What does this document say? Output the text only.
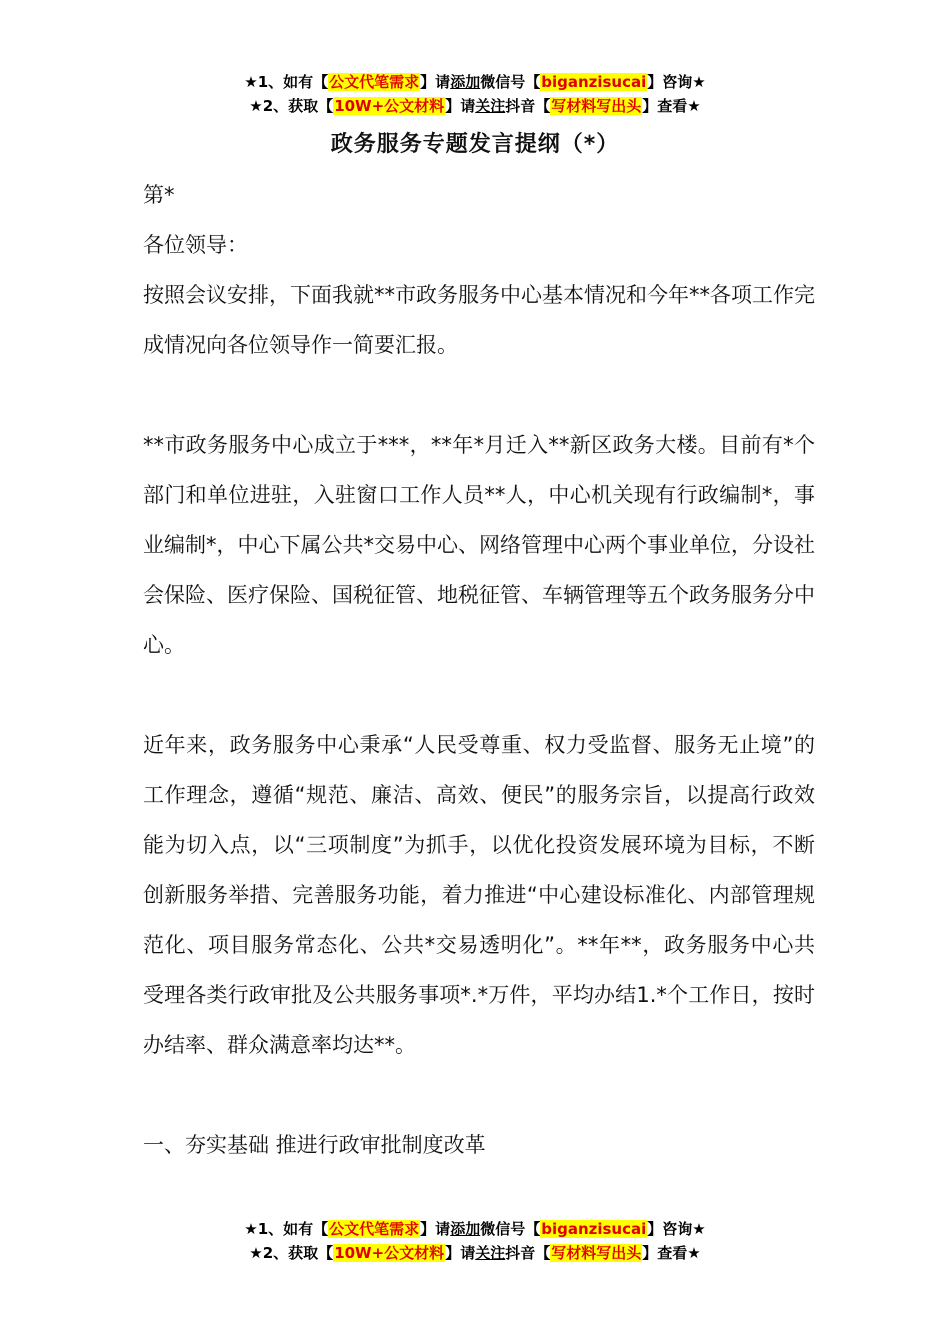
★1、如有【公文代笔需求】请添加微信号【biganzisucai】咨询★
★2、获取【10W+公文材料】请关注抖音【写材料写出头】查看★
政务服务专题发言提纲（*）

第*

各位领导：

按照会议安排，下面我就**市政务服务中心基本情况和今年**各项工作完成情况向各位领导作一简要汇报。

**市政务服务中心成立于***，**年*月迁入**新区政务大楼。目前有*个部门和单位进驻，入驻窗口工作人员**人，中心机关现有行政编制*，事业编制*，中心下属公共*交易中心、网络管理中心两个事业单位，分设社会保险、医疗保险、国税征管、地税征管、车辆管理等五个政务服务分中心。

近年来，政务服务中心秉承“人民受尊重、权力受监督、服务无止境”的工作理念，遵循“规范、廉洁、高效、便民”的服务宗旨，以提高行政效能为切入点，以“三项制度”为抓手，以优化投资发展环境为目标，不断创新服务举措、完善服务功能，着力推进“中心建设标准化、内部管理规范化、项目服务常态化、公共*交易透明化”。**年**，政务服务中心共受理各类行政审批及公共服务事项*.*万件，平均办结1.*个工作日，按时办结率、群众满意率均达**。

一、夯实基础 推进行政审批制度改革

★1、如有【公文代笔需求】请添加微信号【biganzisucai】咨询★
★2、获取【10W+公文材料】请关注抖音【写材料写出头】查看★
